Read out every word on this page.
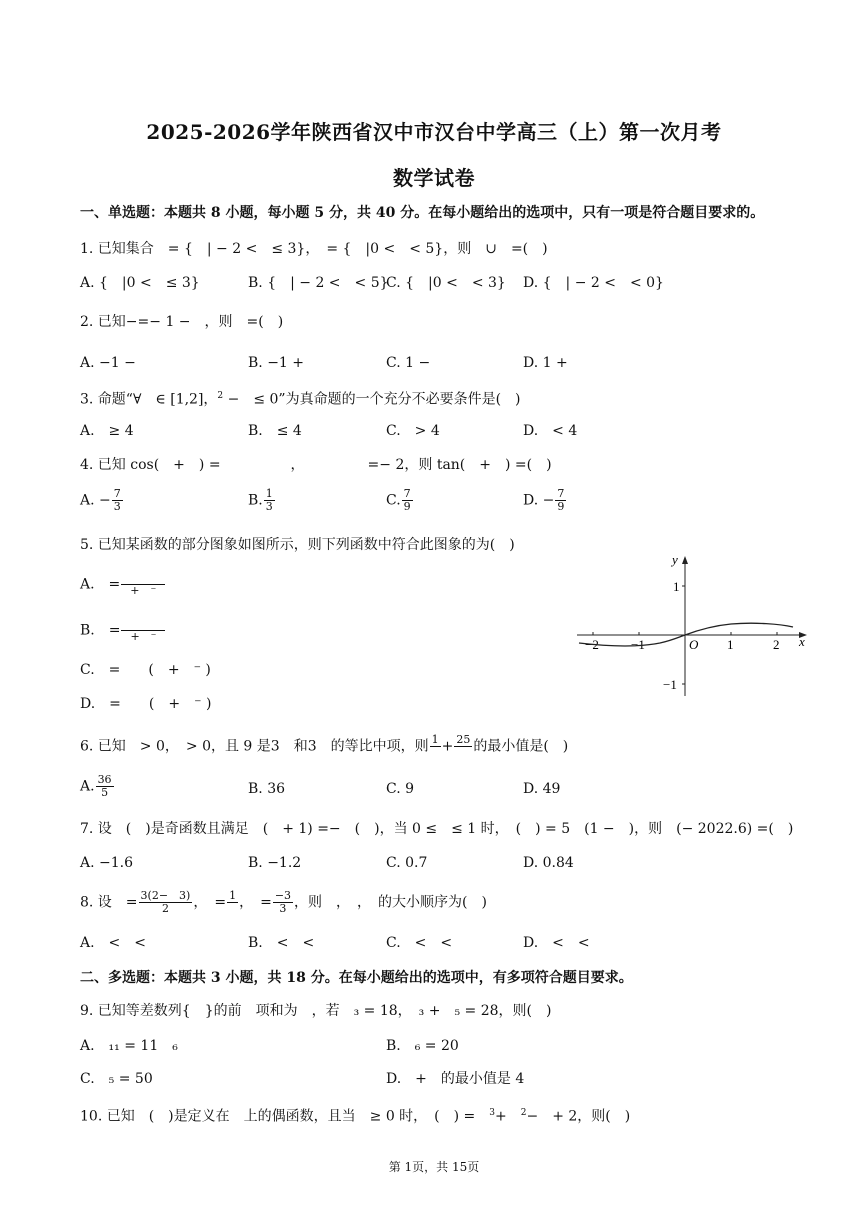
2025-2026学年陕西省汉中市汉台中学高三（上）第一次月考
数学试卷
一、单选题：本题共 8 小题，每小题 5 分，共 40 分。在每小题给出的选项中，只有一项是符合题目要求的。
1. 已知集合　= {　| − 2 <　≤ 3}，　= {　|0 <　< 5}，则　∪　=(　)
A. {　|0 <　≤ 3}	B. {　| − 2 <　< 5}
C. {　|0 <　< 3} D. {　| − 2 <　< 0}
2. 已知−=− 1 −　，则　=(　)
A. −1 −	B. −1 +	C. 1 −	D. 1 +
3. 命题“∀　∈ [1,2]，$^2$ −　≤ 0”为真命题的一个充分不必要条件是(　)
A.　≥ 4	B.　≤ 4	C.　> 4	D.　< 4
4. 已知 cos(　+　) =　　　　　，　　　　　=− 2，则 tan(　+　) =(　)
A. − $\frac{7}{3}$	B. $\frac{1}{3}$	C. $\frac{7}{9}$	D. − $\frac{7}{9}$
5. 已知某函数的部分图象如图所示，则下列函数中符合此图象的为(　)
A.　=
+　⁻
B.　=
+　⁻
C.　=　　(　+　⁻ )
D.　=　　(　+　⁻ )
y
x
O
−2 −1	1	2
1
−1
6. 已知　> 0，　> 0，且 9 是3　和3　的等比中项，则 1
+ 25
的最小值是(　)
A. $\frac{36}{5}$	B. 36	C. 9	D. 49
7. 设　(　)是奇函数且满足　(　+ 1) =−　(　)，当 0 ≤　≤ 1 时，　(　) = 5　(1 −　)，则　(− 2022.6) =(　)
A. −1.6	B. −1.2	C. 0.7	D. 0.84
8. 设　= $\frac{3(2- 3)}{2}$ ，　= 1
，　= $\frac{-3}{3}$ ，则　，　，　的大小顺序为(　)
A.　<　<	B.　<　<	C.　<　<	D.　<　<
二、多选题：本题共 3 小题，共 18 分。在每小题给出的选项中，有多项符合题目要求。
9. 已知等差数列{　}的前　项和为　，若　₃ = 18，　₃ +　₅ = 28，则(　)
A.　₁₁ = 11　₆	B.　₆ = 20
C.　₅ = 50	D.　+　的最小值是 4
10. 已知　(　)是定义在　上的偶函数，且当　≥ 0 时，　(　) =　$^3$+　$^2$−　+ 2，则(　)
第 1页，共 15页
